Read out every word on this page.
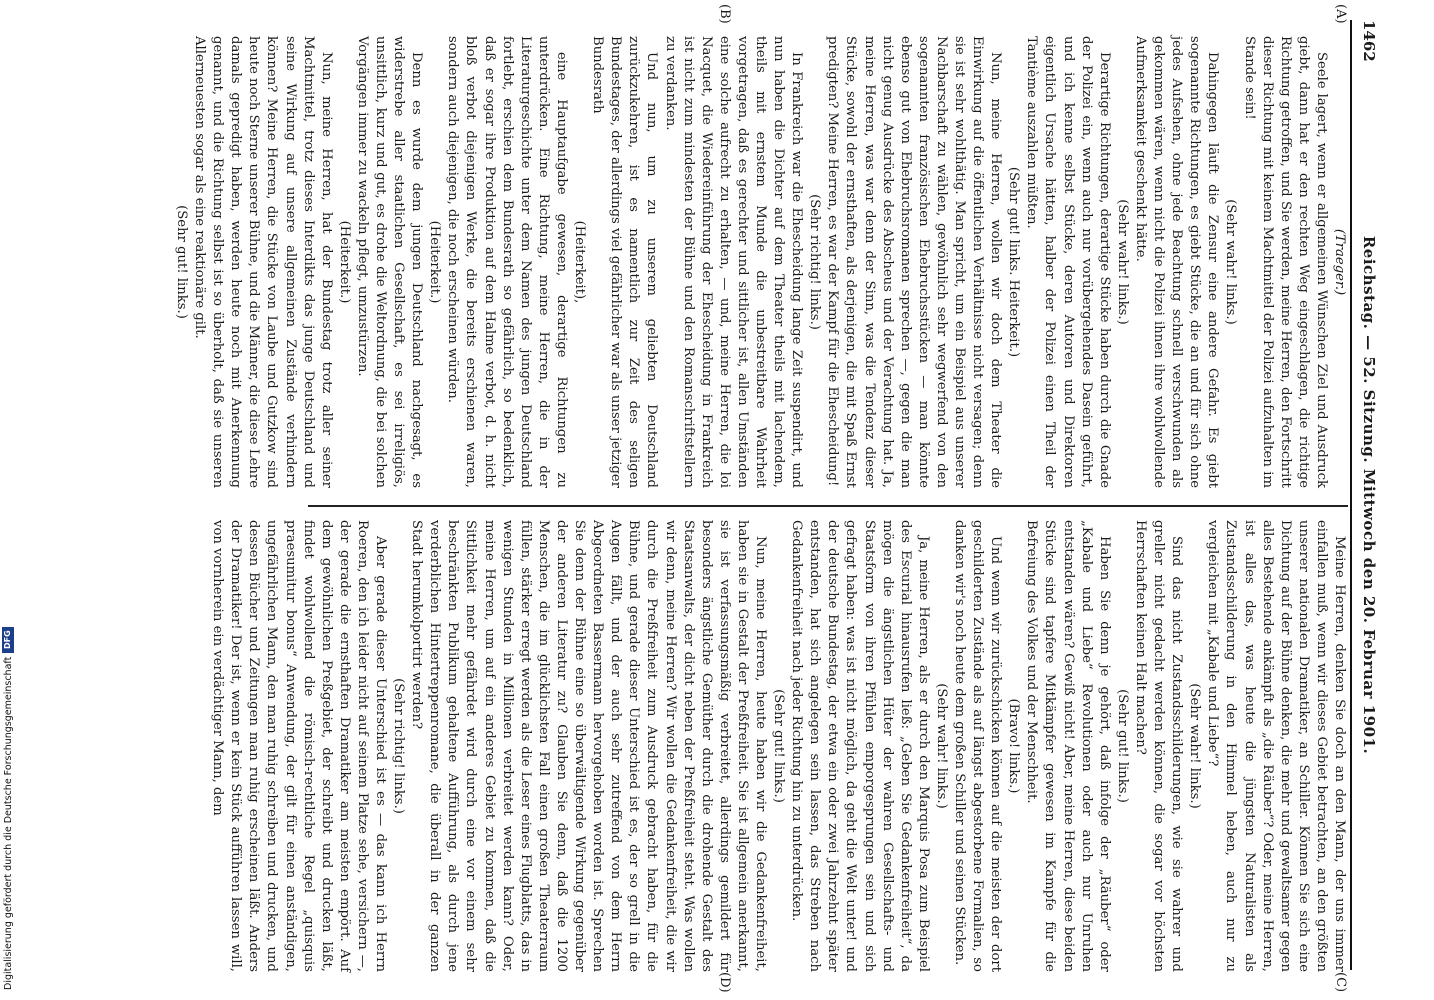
1462
Reichstag. — 52. Sitzung. Mittwoch den 20. Februar 1901.
(A)
(B)
(C)
(D)

(Traeger.)

Seele lagert, wenn er allgemeinen Wünschen Ziel und Ausdruck giebt, dann hat er den rechten Weg eingeschlagen, die richtige Richtung getroffen, und Sie werden, meine Herren, den Fortschritt dieser Richtung mit keinem Machtmittel der Polizei aufzuhalten im Stande sein!

(Sehr wahr! links.)

Dahingegen läuft die Zensur eine andere Gefahr. Es giebt sogenannte Richtungen, es giebt Stücke, die an und für sich ohne jedes Aufsehen, ohne jede Beachtung schnell verschwunden als gekommen wären, wenn nicht die Polizei ihnen ihre wohlwollende Aufmerksamkeit geschenkt hätte.

(Sehr wahr! links.)

Derartige Richtungen, derartige Stücke haben durch die Gnade der Polizei ein, wenn auch nur vorübergehendes Dasein geführt, und ich kenne selbst Stücke, deren Autoren und Direktoren eigentlich Ursache hätten, halber der Polizei einen Theil der Tantième auszahlen müßten.

(Sehr gut! links. Heiterkeit.)

Nun, meine Herren, wollen wir doch dem Theater die Einwirkung auf die öffentlichen Verhältnisse nicht versagen; denn sie ist sehr wohlthätig. Man spricht, um ein Beispiel aus unserer Nachbarschaft zu wählen, gewöhnlich sehr wegwerfend von den sogenannten französischen Ehebruchsstücken — man könnte ebenso gut von Ehebruchsromanen sprechen —, gegen die man nicht genug Ausdrücke des Abscheus und der Verachtung hat. Ja, meine Herren, was war denn der Sinn, was die Tendenz dieser Stücke, sowohl der ernsthaften, als derjenigen, die mit Spaß Ernst predigten? Meine Herren, es war der Kampf für die Ehescheidung!

(Sehr richtig! links.)

In Frankreich war die Ehescheidung lange Zeit suspendirt, und nun haben die Dichter auf dem Theater theils mit lachendem, theils mit ernstem Munde die unbestreitbare Wahrheit vorgetragen, daß es gerechter und sittlicher ist, allen Umständen eine solche aufrecht zu erhalten, — und, meine Herren, die loi Nacquet, die Wiedereinführung der Ehescheidung in Frankreich ist nicht zum mindesten der Bühne und den Romanschriftstellern zu verdanken.

Und nun, um zu unserem geliebten Deutschland zurückzukehren, ist es namentlich zur Zeit des seligen Bundestages, der allerdings viel gefährlicher war als unser jetziger Bundesrath

(Heiterkeit),

eine Hauptaufgabe gewesen, derartige Richtungen zu unterdrücken. Eine Richtung, meine Herren, die in der Literaturgeschichte unter dem Namen des jungen Deutschland fortlebt, erschien dem Bundesrath so gefährlich, so bedenklich, daß er sogar ihre Produktion auf dem Halme verbot, d. h. nicht bloß verbot diejenigen Werke, die bereits erschienen waren, sondern auch diejenigen, die noch erscheinen würden.

(Heiterkeit.)

Denn es wurde dem jungen Deutschland nachgesagt, es widerstrebe aller staatlichen Gesellschaft, es sei irreligiös, unsittlich, kurz und gut, es drohe die Weltordnung, die bei solchen Vorgängen immer zu wackeln pflegt, umzustürzen.

(Heiterkeit.)

Nun, meine Herren, hat der Bundestag trotz aller seiner Machtmittel, trotz dieses Interdikts das junge Deutschland und seine Wirkung auf unsere allgemeinen Zustände verhindern können? Meine Herren, die Stücke von Laube und Gutzkow sind heute noch Sterne unserer Bühne, und die Männer, die diese Lehre damals gepredigt haben, werden heute noch mit Anerkennung genannt, und die Richtung selbst ist so überholt, daß sie unseren Allerneuesten sogar als eine reaktionäre gilt.

(Sehr gut! links.)

Meine Herren, denken Sie doch an den Mann, der uns immer einfallen muß, wenn wir dieses Gebiet betrachten, an den größten unserer nationalen Dramatiker, an Schiller. Können Sie sich eine Dichtung auf der Bühne denken, die mehr und gewaltsamer gegen alles Bestehende ankämpft als „die Räuber“? Oder, meine Herren, ist alles das, was heute die jüngsten Naturalisten als Zustandsschilderung in den Himmel heben, auch nur zu vergleichen mit „Kabale und Liebe“?

(Sehr wahr! links.)

Sind das nicht Zustandsschilderungen, wie sie wahrer und greller nicht gedacht werden können, die sogar vor höchsten Herrschaften keinen Halt machen?

(Sehr gut! links.)

Haben Sie denn je gehört, daß infolge der „Räuber“ oder „Kabale und Liebe“ Revolutionen oder auch nur Unruhen entstanden wären? Gewiß nicht! Aber, meine Herren, diese beiden Stücke sind tapfere Mitkämpfer gewesen im Kampfe für die Befreiung des Volkes und der Menschheit.

(Bravo! links.)

Und wenn wir zurückschicken können auf die meisten der dort geschilderten Zustände als auf längst abgestorbene Formalien, so danken wir's noch heute dem großen Schiller und seinen Stücken.

(Sehr wahr! links.)

Ja, meine Herren, als er durch den Marquis Posa zum Beispiel des Escurial hinausrufen ließ: „Geben Sie Gedankenfreiheit“, da mögen die ängstlichen Hüter der wahren Gesellschafts- und Staatsform von ihren Pfühlen emporgesprungen sein und sich gefragt haben: was ist nicht möglich, da geht die Welt unter! und der deutsche Bundestag, der etwa ein oder zwei Jahrzehnt später entstanden, hat sich angelegen sein lassen, das Streben nach Gedankenfreiheit nach jeder Richtung hin zu unterdrücken.

(Sehr gut! links.)

Nun, meine Herren, heute haben wir die Gedankenfreiheit, haben sie in Gestalt der Preßfreiheit. Sie ist allgemein anerkannt, sie ist verfassungsmäßig verbreitet, allerdings gemildert für besonders ängstliche Gemüther durch die drohende Gestalt des Staatsanwalts, der dicht neben der Preßfreiheit steht. Was wollen wir denn, meine Herren? Wir wollen die Gedankenfreiheit, die wir durch die Preßfreiheit zum Ausdruck gebracht haben, für die Bühne, und gerade dieser Unterschied ist es, der so grell in die Augen fällt, und der auch sehr zutreffend von dem Herrn Abgeordneten Bassermann hervorgehoben worden ist. Sprechen Sie denn der Bühne eine so überwältigende Wirkung gegenüber der anderen Literatur zu? Glauben Sie denn, daß die 1200 Menschen, die im glücklichsten Fall einen großen Theaterraum füllen, stärker erregt werden als die Leser eines Flugblatts, das in wenigen Stunden in Millionen verbreitet werden kann? Oder, meine Herren, um auf ein anderes Gebiet zu kommen, daß die Sittlichkeit mehr gefährdet wird durch eine vor einem sehr beschränkten Publikum gehaltene Aufführung, als durch jene verderblichen Hintertreppenromane, die überall in der ganzen Stadt herumkolportirt werden?

(Sehr richtig! links.)

Aber gerade dieser Unterschied ist es — das kann ich Herrn Roeren, den ich leider nicht auf seinem Platze sehe, versichern —, der gerade die ernsthaften Dramatiker am meisten empört. Auf dem gewöhnlichen Preßgebiet, der schreibt und drucken läßt, findet wohlwollend die römisch-rechtliche Regel „quisquis praesumitur bonus“ Anwendung, der gilt für einen anständigen, ungefährlichen Mann, den man ruhig schreiben und drucken, und dessen Bücher und Zeitungen man ruhig erscheinen läßt. Anders der Dramatiker! Der ist, wenn er kein Stück aufführen lassen will, von vornherein ein verdächtiger Mann, dem

Digitalisierung gefördert durch die Deutsche Forschungsgemeinschaft
DFG
